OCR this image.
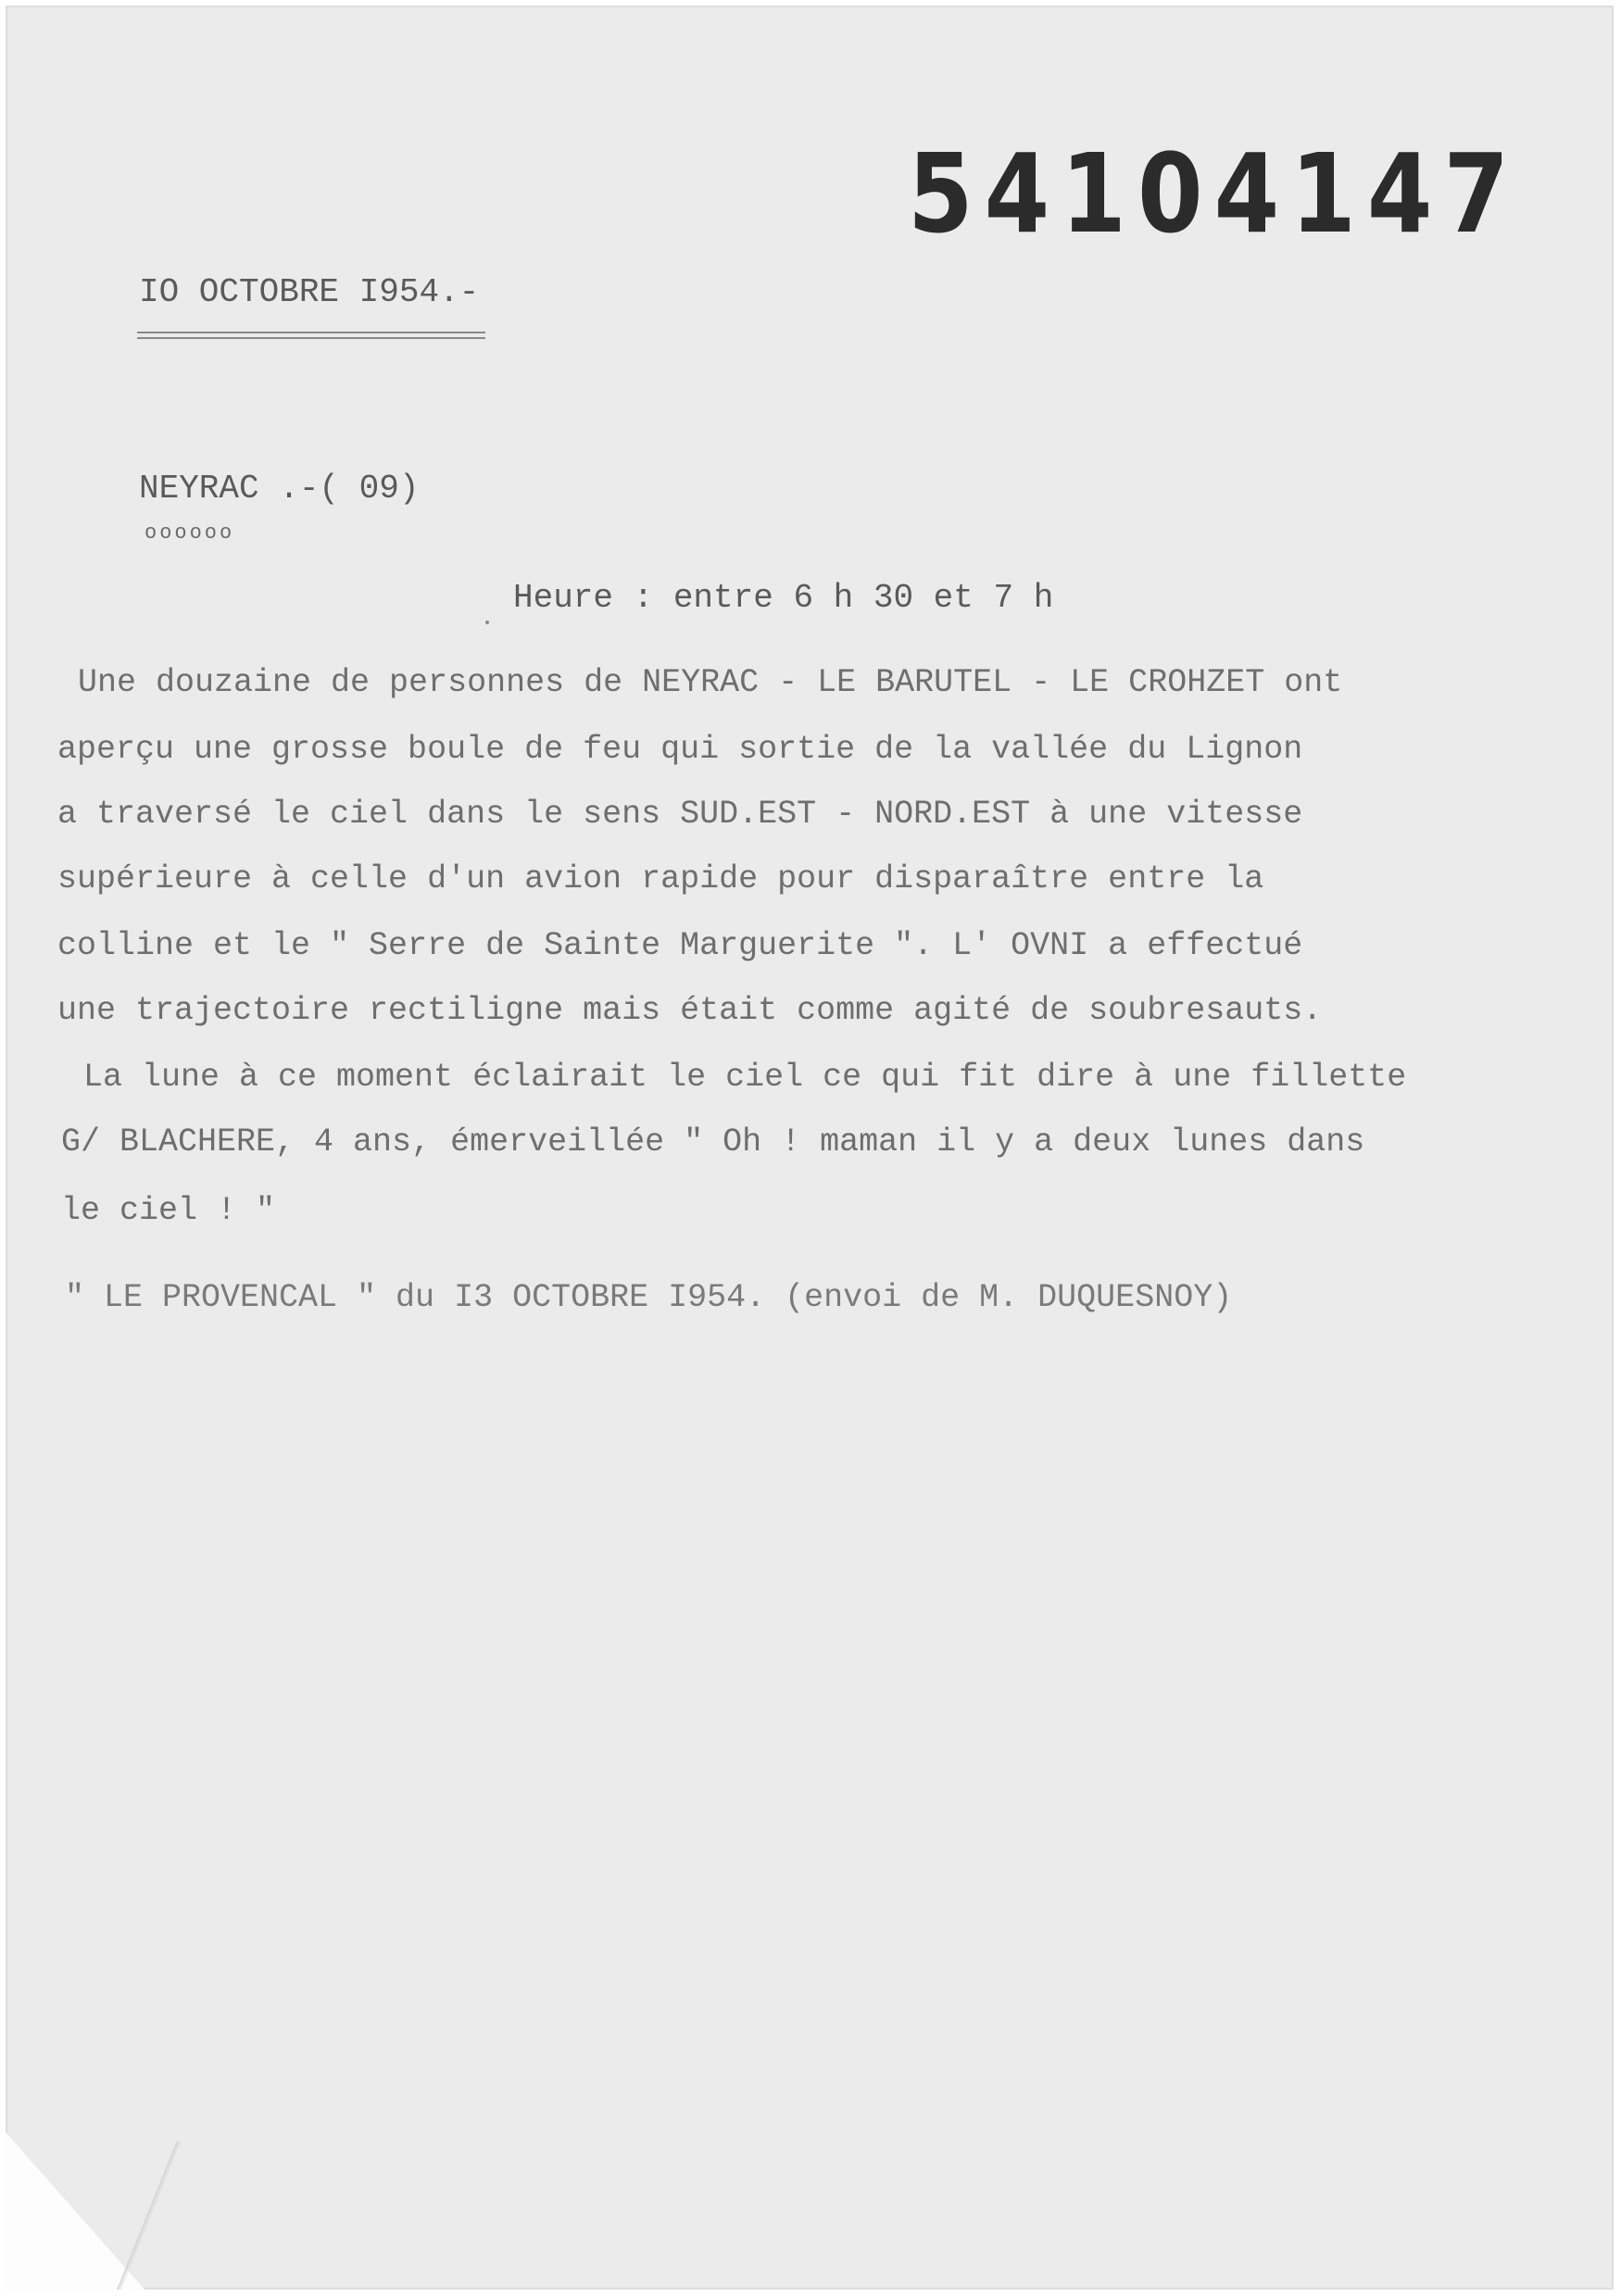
54104147
IO OCTOBRE I954.-
NEYRAC .-( 09)
oooooo
Heure : entre 6 h 30 et 7 h
Une douzaine de personnes de NEYRAC - LE BARUTEL - LE CROHZET ont
aperçu une grosse boule de feu qui sortie de la vallée du Lignon
a traversé le ciel dans le sens SUD.EST - NORD.EST à une vitesse
supérieure à celle d'un avion rapide pour disparaître entre la
colline et le " Serre de Sainte Marguerite ". L' OVNI a effectué
une trajectoire rectiligne mais était comme agité de soubresauts.
La lune à ce moment éclairait le ciel ce qui fit dire à une fillette
G/ BLACHERE, 4 ans, émerveillée " Oh ! maman il y a deux lunes dans
le ciel ! "
" LE PROVENCAL " du I3 OCTOBRE I954. (envoi de M. DUQUESNOY)
